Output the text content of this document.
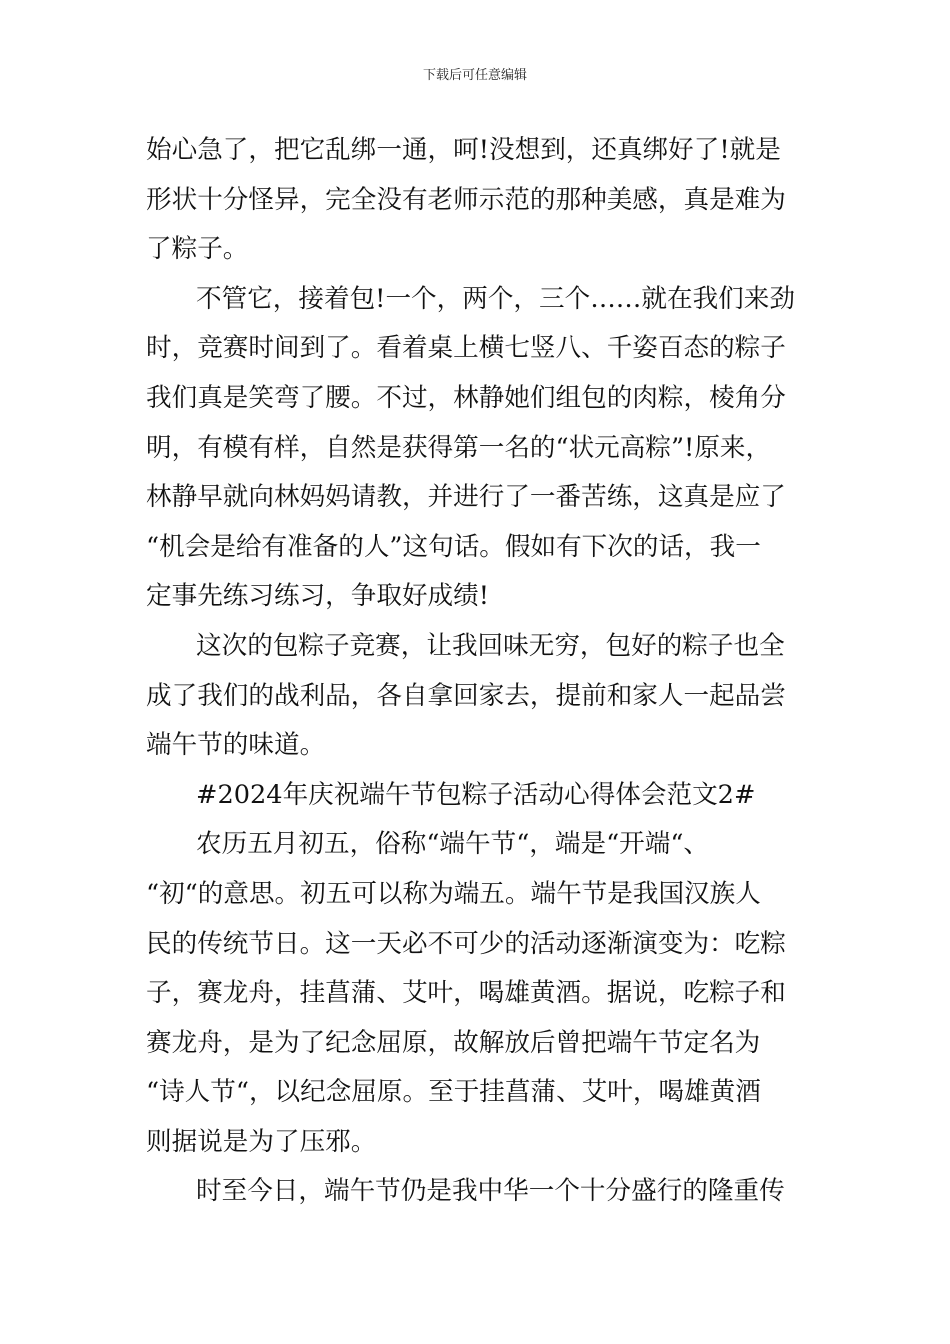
下载后可任意编辑
始心急了，把它乱绑一通，呵!没想到，还真绑好了!就是
形状十分怪异，完全没有老师示范的那种美感，真是难为
了粽子。
不管它，接着包!一个，两个，三个……就在我们来劲
时，竞赛时间到了。看着桌上横七竖八、千姿百态的粽子
我们真是笑弯了腰。不过，林静她们组包的肉粽，棱角分
明，有模有样，自然是获得第一名的“状元高粽”!原来，
林静早就向林妈妈请教，并进行了一番苦练，这真是应了
“机会是给有准备的人”这句话。假如有下次的话，我一
定事先练习练习，争取好成绩!
这次的包粽子竞赛，让我回味无穷，包好的粽子也全
成了我们的战利品，各自拿回家去，提前和家人一起品尝
端午节的味道。
#2024年庆祝端午节包粽子活动心得体会范文2#
农历五月初五，俗称“端午节“，端是“开端“、
“初“的意思。初五可以称为端五。端午节是我国汉族人
民的传统节日。这一天必不可少的活动逐渐演变为：吃粽
子，赛龙舟，挂菖蒲、艾叶，喝雄黄酒。据说，吃粽子和
赛龙舟，是为了纪念屈原，故解放后曾把端午节定名为
“诗人节“，以纪念屈原。至于挂菖蒲、艾叶，喝雄黄酒
则据说是为了压邪。
时至今日，端午节仍是我中华一个十分盛行的隆重传
